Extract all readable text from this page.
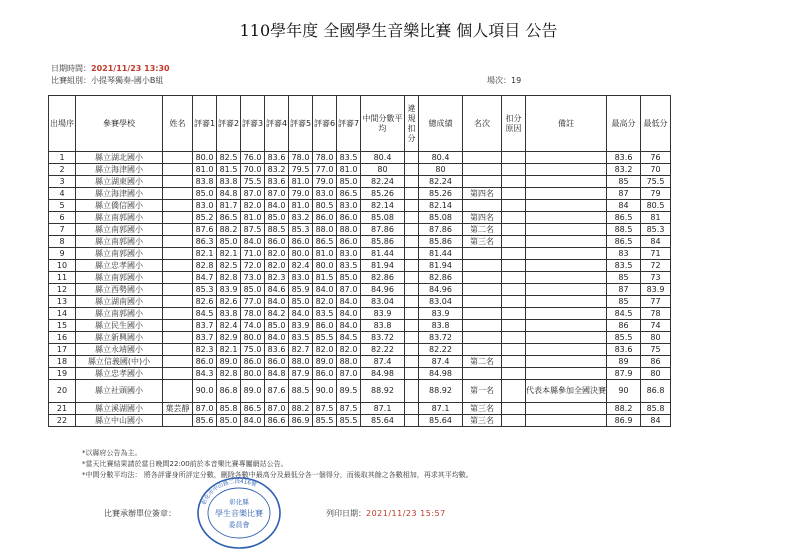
110學年度 全國學生音樂比賽 個人項目 公告
日期時間：2021/11/23 13:30
比賽組別：小提琴獨奏-國小B組	場次：19
出場序	參賽學校	姓名	評審1	評審2	評審3	評審4	評審5	評審6	評審7	中間分數平均	違規扣分	總成績	名次	扣分原因	備註	最高分	最低分
1	縣立湖北國小		80.0	82.5	76.0	83.6	78.0	78.0	83.5	80.4		80.4				83.6	76
2	縣立海津國小		81.0	81.5	70.0	83.2	79.5	77.0	81.0	80		80				83.2	70
3	縣立湖東國小		83.8	83.8	75.5	83.6	81.0	79.0	85.0	82.24		82.24				85	75.5
4	縣立海津國小		85.0	84.8	87.0	87.0	79.0	83.0	86.5	85.26		85.26	第四名			87	79
5	縣立僑信國小		83.0	81.7	82.0	84.0	81.0	80.5	83.0	82.14		82.14				84	80.5
6	縣立南郭國小		85.2	86.5	81.0	85.0	83.2	86.0	86.0	85.08		85.08	第四名			86.5	81
7	縣立南郭國小		87.6	88.2	87.5	88.5	85.3	88.0	88.0	87.86		87.86	第二名			88.5	85.3
8	縣立南郭國小		86.3	85.0	84.0	86.0	86.0	86.5	86.0	85.86		85.86	第三名			86.5	84
9	縣立南郭國小		82.1	82.1	71.0	82.0	80.0	81.0	83.0	81.44		81.44				83	71
10	縣立忠孝國小		82.8	82.5	72.0	82.0	82.4	80.0	83.5	81.94		81.94				83.5	72
11	縣立南郭國小		84.7	82.8	73.0	82.3	83.0	81.5	85.0	82.86		82.86				85	73
12	縣立西勢國小		85.3	83.9	85.0	84.6	85.9	84.0	87.0	84.96		84.96				87	83.9
13	縣立湖南國小		82.6	82.6	77.0	84.0	85.0	82.0	84.0	83.04		83.04				85	77
14	縣立南郭國小		84.5	83.8	78.0	84.2	84.0	83.5	84.0	83.9		83.9				84.5	78
15	縣立民生國小		83.7	82.4	74.0	85.0	83.9	86.0	84.0	83.8		83.8				86	74
16	縣立新興國小		83.7	82.9	80.0	84.0	83.5	85.5	84.5	83.72		83.72				85.5	80
17	縣立永靖國小		82.3	82.1	75.0	83.6	82.7	82.0	82.0	82.22		82.22				83.6	75
18	縣立信義國(中)小		86.0	89.0	86.0	86.0	88.0	89.0	88.0	87.4		87.4	第二名			89	86
19	縣立忠孝國小		84.3	82.8	80.0	84.8	87.9	86.0	87.0	84.98		84.98				87.9	80
20	縣立社頭國小		90.0	86.8	89.0	87.6	88.5	90.0	89.5	88.92		88.92	第一名		代表本縣參加全國決賽	90	86.8
21	縣立溪湖國小	葉芸靜	87.0	85.8	86.5	87.0	88.2	87.5	87.5	87.1		87.1	第三名			88.2	85.8
22	縣立中山國小		85.6	85.0	84.0	86.6	86.9	85.5	85.5	85.64		85.64	第三名			86.9	84
*以縣府公告為主。
*當天比賽結果請於當日晚間22:00前於本音樂比賽專屬網站公告。
*中間分數平均法： 將各評審身所評定分數，刪除各數中最高分及最低分各一個得分，而後取其餘之各數相加，再求其平均數。
比賽承辦單位簽章：
彰化市中山路二段416號
彰化縣
學生音樂比賽
委員會
列印日期：2021/11/23 15:57
